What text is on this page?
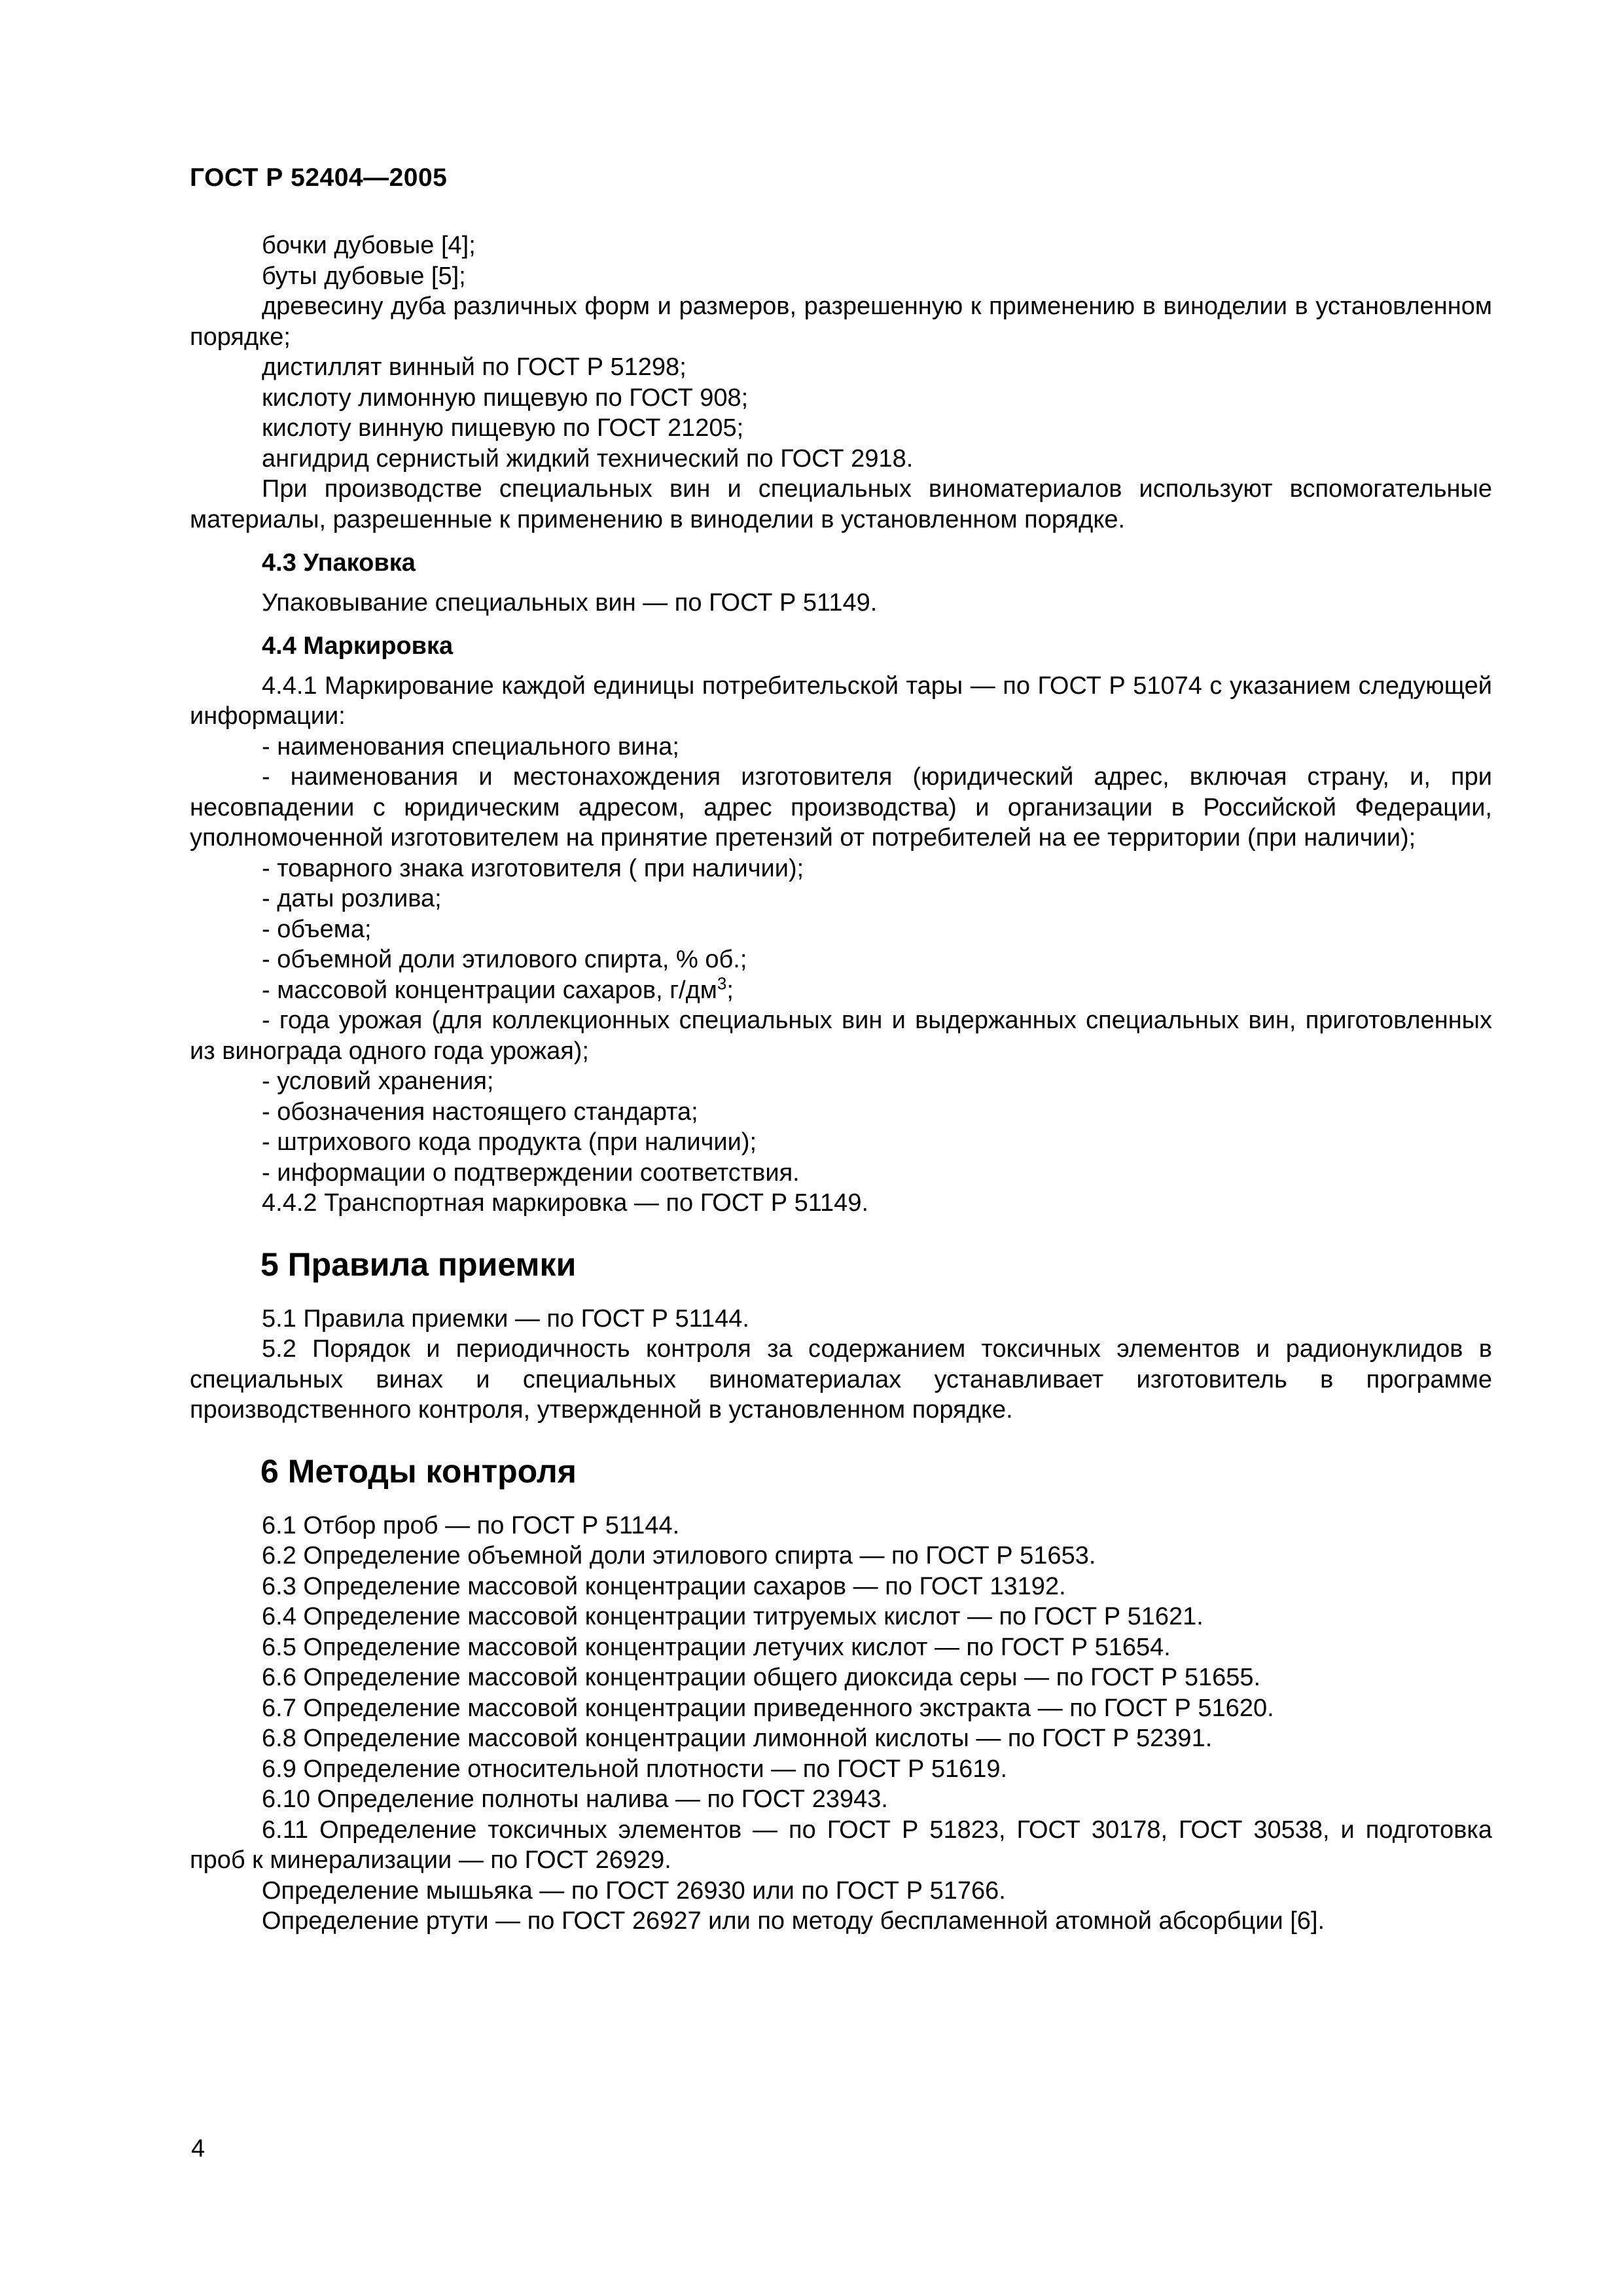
ГОСТ Р 52404—2005

бочки дубовые [4];

буты дубовые [5];

древесину дуба различных форм и размеров, разрешенную к применению в виноделии в установленном порядке;

дистиллят винный по ГОСТ Р 51298;

кислоту лимонную пищевую по ГОСТ 908;

кислоту винную пищевую по ГОСТ 21205;

ангидрид сернистый жидкий технический по ГОСТ 2918.

При производстве специальных вин и специальных виноматериалов используют вспомогательные материалы, разрешенные к применению в виноделии в установленном порядке.

4.3 Упаковка

Упаковывание специальных вин — по ГОСТ Р 51149.

4.4 Маркировка

4.4.1 Маркирование каждой единицы потребительской тары — по ГОСТ Р 51074 с указанием следующей информации:

- наименования специального вина;

- наименования и местонахождения изготовителя (юридический адрес, включая страну, и, при несовпадении с юридическим адресом, адрес производства) и организации в Российской Федерации, уполномоченной изготовителем на принятие претензий от потребителей на ее территории (при наличии);

- товарного знака изготовителя ( при наличии);

- даты розлива;

- объема;

- объемной доли этилового спирта, % об.;

- массовой концентрации сахаров, $г/дм^3$;

- года урожая (для коллекционных специальных вин и выдержанных специальных вин, приготовленных из винограда одного года урожая);

- условий хранения;

- обозначения настоящего стандарта;

- штрихового кода продукта (при наличии);

- информации о подтверждении соответствия.

4.4.2 Транспортная маркировка — по ГОСТ Р 51149.

5 Правила приемки

5.1 Правила приемки — по ГОСТ Р 51144.

5.2 Порядок и периодичность контроля за содержанием токсичных элементов и радионуклидов в специальных винах и специальных виноматериалах устанавливает изготовитель в программе производственного контроля, утвержденной в установленном порядке.

6 Методы контроля

6.1 Отбор проб — по ГОСТ Р 51144.

6.2 Определение объемной доли этилового спирта — по ГОСТ Р 51653.

6.3 Определение массовой концентрации сахаров — по ГОСТ 13192.

6.4 Определение массовой концентрации титруемых кислот — по ГОСТ Р 51621.

6.5 Определение массовой концентрации летучих кислот — по ГОСТ Р 51654.

6.6 Определение массовой концентрации общего диоксида серы — по ГОСТ Р 51655.

6.7 Определение массовой концентрации приведенного экстракта — по ГОСТ Р 51620.

6.8 Определение массовой концентрации лимонной кислоты — по ГОСТ Р 52391.

6.9 Определение относительной плотности — по ГОСТ Р 51619.

6.10 Определение полноты налива — по ГОСТ 23943.

6.11 Определение токсичных элементов — по ГОСТ Р 51823, ГОСТ 30178, ГОСТ 30538, и подготовка проб к минерализации — по ГОСТ 26929.

Определение мышьяка — по ГОСТ 26930 или по ГОСТ Р 51766.

Определение ртути — по ГОСТ 26927 или по методу беспламенной атомной абсорбции [6].

4
